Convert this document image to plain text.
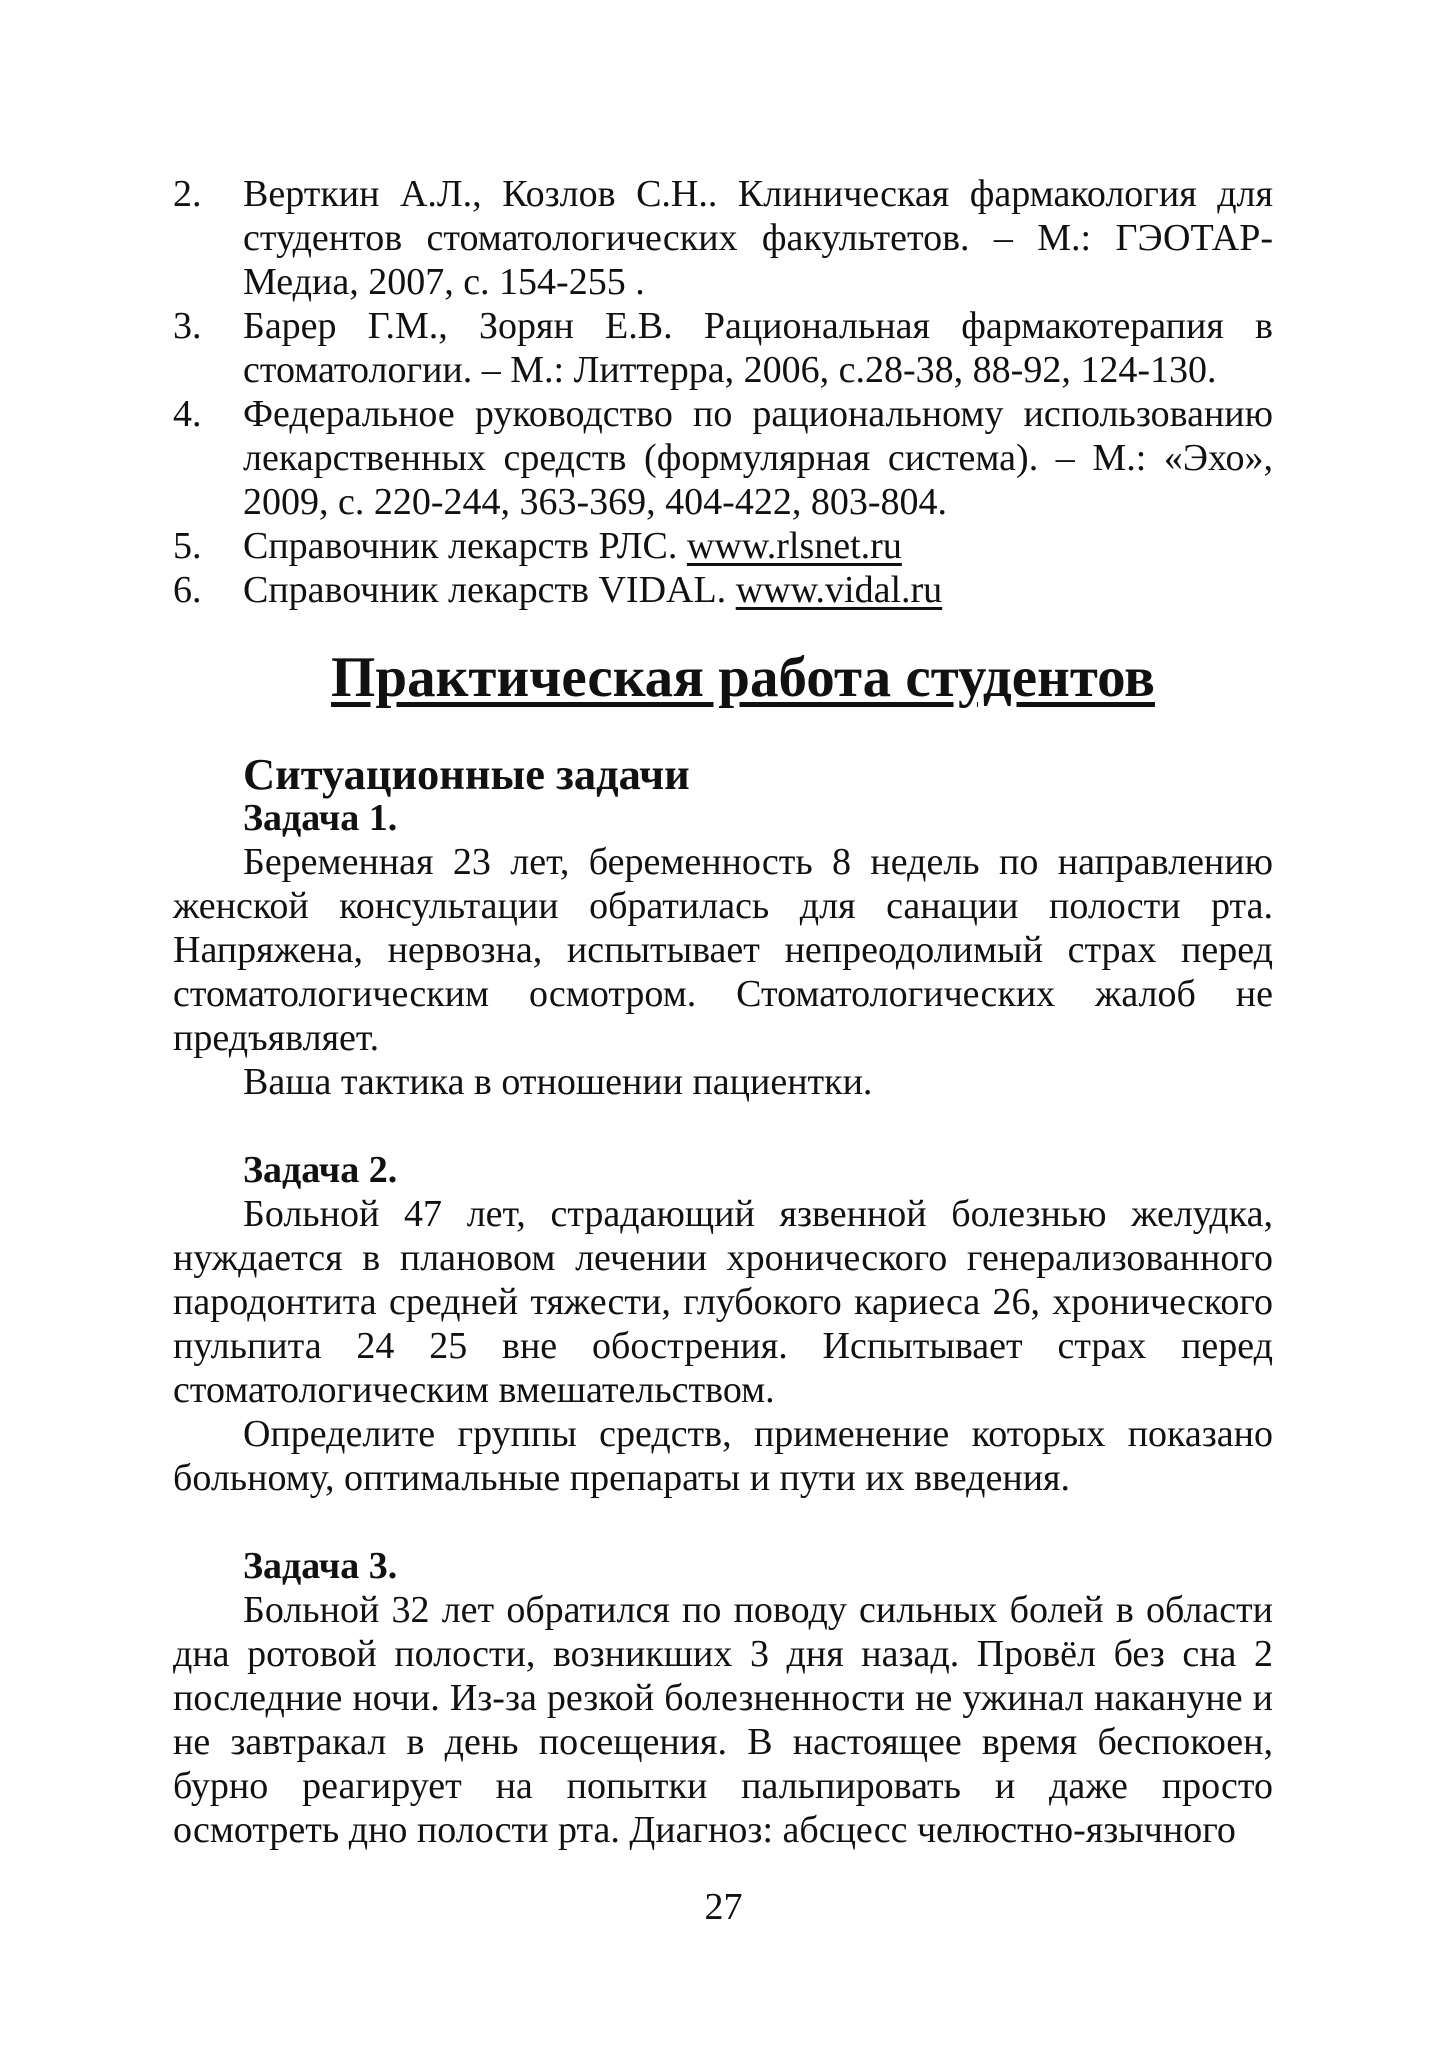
2.	Верткин А.Л., Козлов С.Н.. Клиническая фармакология для студентов стоматологических факультетов. – М.: ГЭОТАР-Медиа, 2007, с. 154-255 .
3.	Барер Г.М., Зорян Е.В. Рациональная фармакотерапия в стоматологии. – М.: Литтерра, 2006, с.28-38, 88-92, 124-130.
4.	Федеральное руководство по рациональному использованию лекарственных средств (формулярная система). – М.: «Эхо», 2009, с. 220-244, 363-369, 404-422, 803-804.
5.	Справочник лекарств РЛС. www.rlsnet.ru
6.	Справочник лекарств VIDAL. www.vidal.ru
Практическая работа студентов
Ситуационные задачи
Задача 1.

Беременная 23 лет, беременность 8 недель по направлению женской консультации обратилась для санации полости рта. Напряжена, нервозна, испытывает непреодолимый страх перед стоматологическим осмотром. Стоматологических жалоб не предъявляет.

Ваша тактика в отношении пациентки.

Задача 2.

Больной 47 лет, страдающий язвенной болезнью желудка, нуждается в плановом лечении хронического генерализованного пародонтита средней тяжести, глубокого кариеса 26, хронического пульпита 24 25 вне обострения. Испытывает страх перед стоматологическим вмешательством.

Определите группы средств, применение которых показано больному, оптимальные препараты и пути их введения.

Задача 3.

Больной 32 лет обратился по поводу сильных болей в области дна ротовой полости, возникших 3 дня назад. Провёл без сна 2 последние ночи. Из-за резкой болезненности не ужинал накануне и не завтракал в день посещения. В настоящее время беспокоен, бурно реагирует на попытки пальпировать и даже просто осмотреть дно полости рта. Диагноз: абсцесс челюстно-язычного

27
